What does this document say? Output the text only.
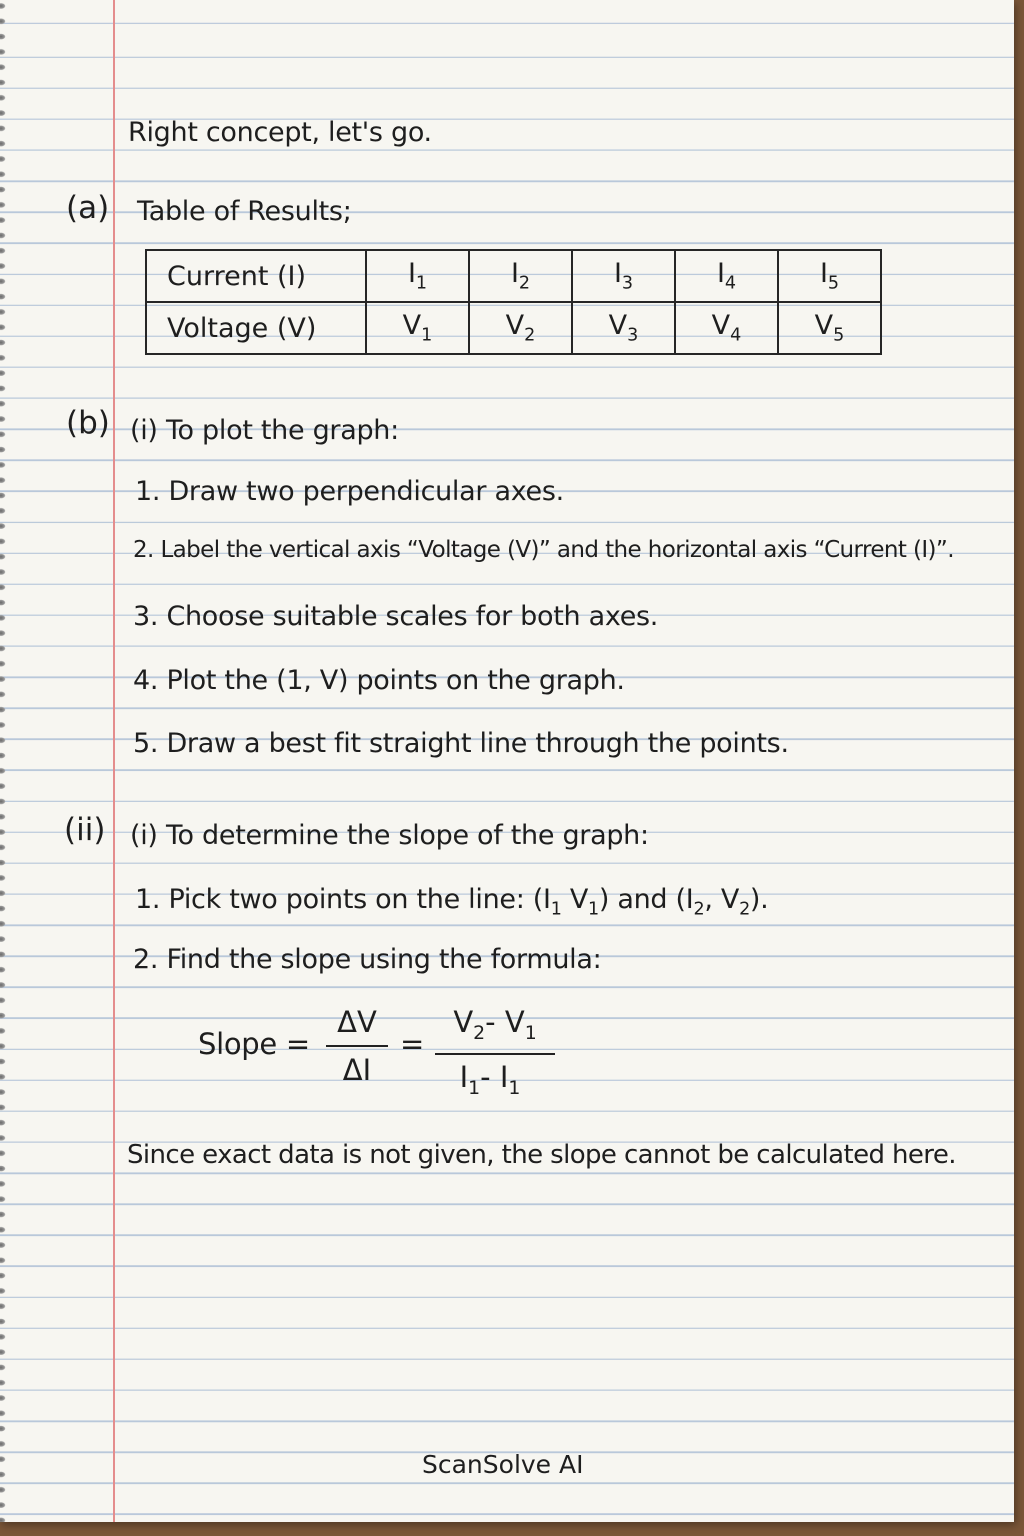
Right concept, let's go.
(a) Table of Results;
Current (I)	$I_1$	$I_2$	$I_3$	$I_4$	$I_5$
Voltage (V)	$V_1$	$V_2$	$V_3$	$V_4$	$V_5$
(b) (i) To plot the graph:
1. Draw two perpendicular axes.
2. Label the vertical axis “Voltage (V)” and the horizontal axis “Current (I)”.
3. Choose suitable scales for both axes.
4. Plot the (1, V) points on the graph.
5. Draw a best fit straight line through the points.
(ii) (i) To determine the slope of the graph:
1. Pick two points on the line: ($I_1$ $V_1$) and ($I_2$, $V_2$).
2. Find the slope using the formula:
Slope =
ΔV
ΔI
=
$V_2-$ $V_1$
$I_1-$ $I_1$
Since exact data is not given, the slope cannot be calculated here.
ScanSolve AI
